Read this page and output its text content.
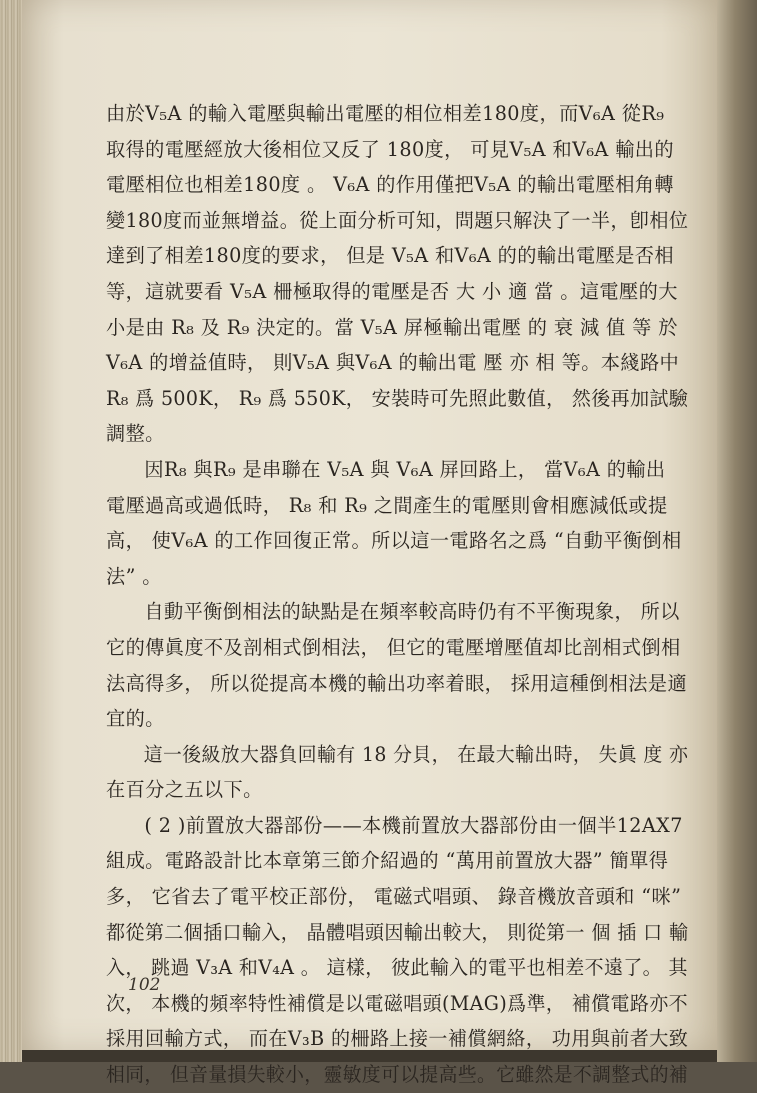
由於V₅A 的輸入電壓與輸出電壓的相位相差180度，而V₆A 從R₉
取得的電壓經放大後相位又反了 180度， 可見V₅A 和V₆A 輸出的
電壓相位也相差180度 。 V₆A 的作用僅把V₅A 的輸出電壓相角轉
變180度而並無增益。從上面分析可知，問題只解決了一半，卽相位
達到了相差180度的要求， 但是 V₅A 和V₆A 的的輸出電壓是否相
等，這就要看 V₅A 柵極取得的電壓是否 大 小 適 當 。這電壓的大
小是由 R₈ 及 R₉ 決定的。當 V₅A 屏極輸出電壓 的 衰 減 值 等 於
V₆A 的增益值時， 則V₅A 與V₆A 的輸出電 壓 亦 相 等。本綫路中
R₈ 爲 500K， R₉ 爲 550K， 安裝時可先照此數值， 然後再加試驗
調整。
因R₈ 與R₉ 是串聯在 V₅A 與 V₆A 屏回路上， 當V₆A 的輸出
電壓過高或過低時， R₈ 和 R₉ 之間產生的電壓則會相應減低或提
高， 使V₆A 的工作回復正常。所以這一電路名之爲 “自動平衡倒相
法” 。
自動平衡倒相法的缺點是在頻率較高時仍有不平衡現象， 所以
它的傳眞度不及剖相式倒相法， 但它的電壓增壓值却比剖相式倒相
法高得多， 所以從提高本機的輸出功率着眼， 採用這種倒相法是適
宜的。
這一後級放大器負回輸有 18 分貝， 在最大輸出時， 失眞 度 亦
在百分之五以下。
( 2 )前置放大器部份——本機前置放大器部份由一個半12AX7
組成。電路設計比本章第三節介紹過的 “萬用前置放大器” 簡單得
多， 它省去了電平校正部份， 電磁式唱頭、 錄音機放音頭和 “咪”
都從第二個插口輸入， 晶體唱頭因輸出較大， 則從第一 個 插 口 輸
入， 跳過 V₃A 和V₄A 。 這樣， 彼此輸入的電平也相差不遠了。 其
次， 本機的頻率特性補償是以電磁唱頭(MAG)爲準， 補償電路亦不
採用回輸方式， 而在V₃B 的柵路上接一補償網絡， 功用與前者大致
相同， 但音量損失較小，靈敏度可以提高些。它雖然是不調整式的補
102
